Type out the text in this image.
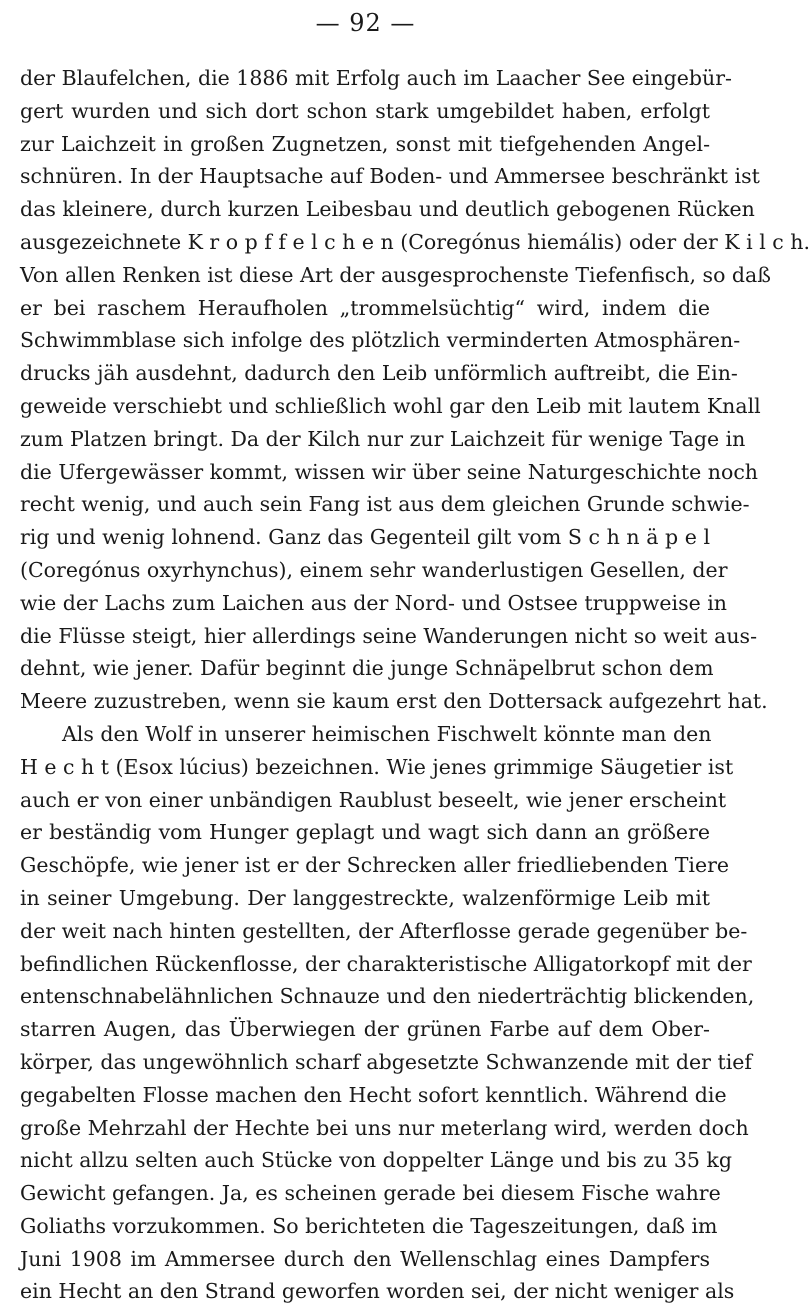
— 92 —
der Blaufelchen, die 1886 mit Erfolg auch im Laacher See eingebür-
gert wurden und sich dort schon stark umgebildet haben, erfolgt
zur Laichzeit in großen Zugnetzen, sonst mit tiefgehenden Angel-
schnüren. In der Hauptsache auf Boden- und Ammersee beschränkt ist
das kleinere, durch kurzen Leibesbau und deutlich gebogenen Rücken
ausgezeichnete K r o p f f e l c h e n (Coregónus hiemális) oder der K i l c h.
Von allen Renken ist diese Art der ausgesprochenste Tiefenfisch, so daß
er bei raschem Heraufholen „trommelsüchtig“ wird, indem die
Schwimmblase sich infolge des plötzlich verminderten Atmosphären-
drucks jäh ausdehnt, dadurch den Leib unförmlich auftreibt, die Ein-
geweide verschiebt und schließlich wohl gar den Leib mit lautem Knall
zum Platzen bringt. Da der Kilch nur zur Laichzeit für wenige Tage in
die Ufergewässer kommt, wissen wir über seine Naturgeschichte noch
recht wenig, und auch sein Fang ist aus dem gleichen Grunde schwie-
rig und wenig lohnend. Ganz das Gegenteil gilt vom S c h n ä p e l
(Coregónus oxyrhynchus), einem sehr wanderlustigen Gesellen, der
wie der Lachs zum Laichen aus der Nord- und Ostsee truppweise in
die Flüsse steigt, hier allerdings seine Wanderungen nicht so weit aus-
dehnt, wie jener. Dafür beginnt die junge Schnäpelbrut schon dem
Meere zuzustreben, wenn sie kaum erst den Dottersack aufgezehrt hat.
Als den Wolf in unserer heimischen Fischwelt könnte man den
H e c h t (Esox lúcius) bezeichnen. Wie jenes grimmige Säugetier ist
auch er von einer unbändigen Raublust beseelt, wie jener erscheint
er beständig vom Hunger geplagt und wagt sich dann an größere
Geschöpfe, wie jener ist er der Schrecken aller friedliebenden Tiere
in seiner Umgebung. Der langgestreckte, walzenförmige Leib mit
der weit nach hinten gestellten, der Afterflosse gerade gegenüber be-
befindlichen Rückenflosse, der charakteristische Alligatorkopf mit der
entenschnabelähnlichen Schnauze und den niederträchtig blickenden,
starren Augen, das Überwiegen der grünen Farbe auf dem Ober-
körper, das ungewöhnlich scharf abgesetzte Schwanzende mit der tief
gegabelten Flosse machen den Hecht sofort kenntlich. Während die
große Mehrzahl der Hechte bei uns nur meterlang wird, werden doch
nicht allzu selten auch Stücke von doppelter Länge und bis zu 35 kg
Gewicht gefangen. Ja, es scheinen gerade bei diesem Fische wahre
Goliaths vorzukommen. So berichteten die Tageszeitungen, daß im
Juni 1908 im Ammersee durch den Wellenschlag eines Dampfers
ein Hecht an den Strand geworfen worden sei, der nicht weniger als
